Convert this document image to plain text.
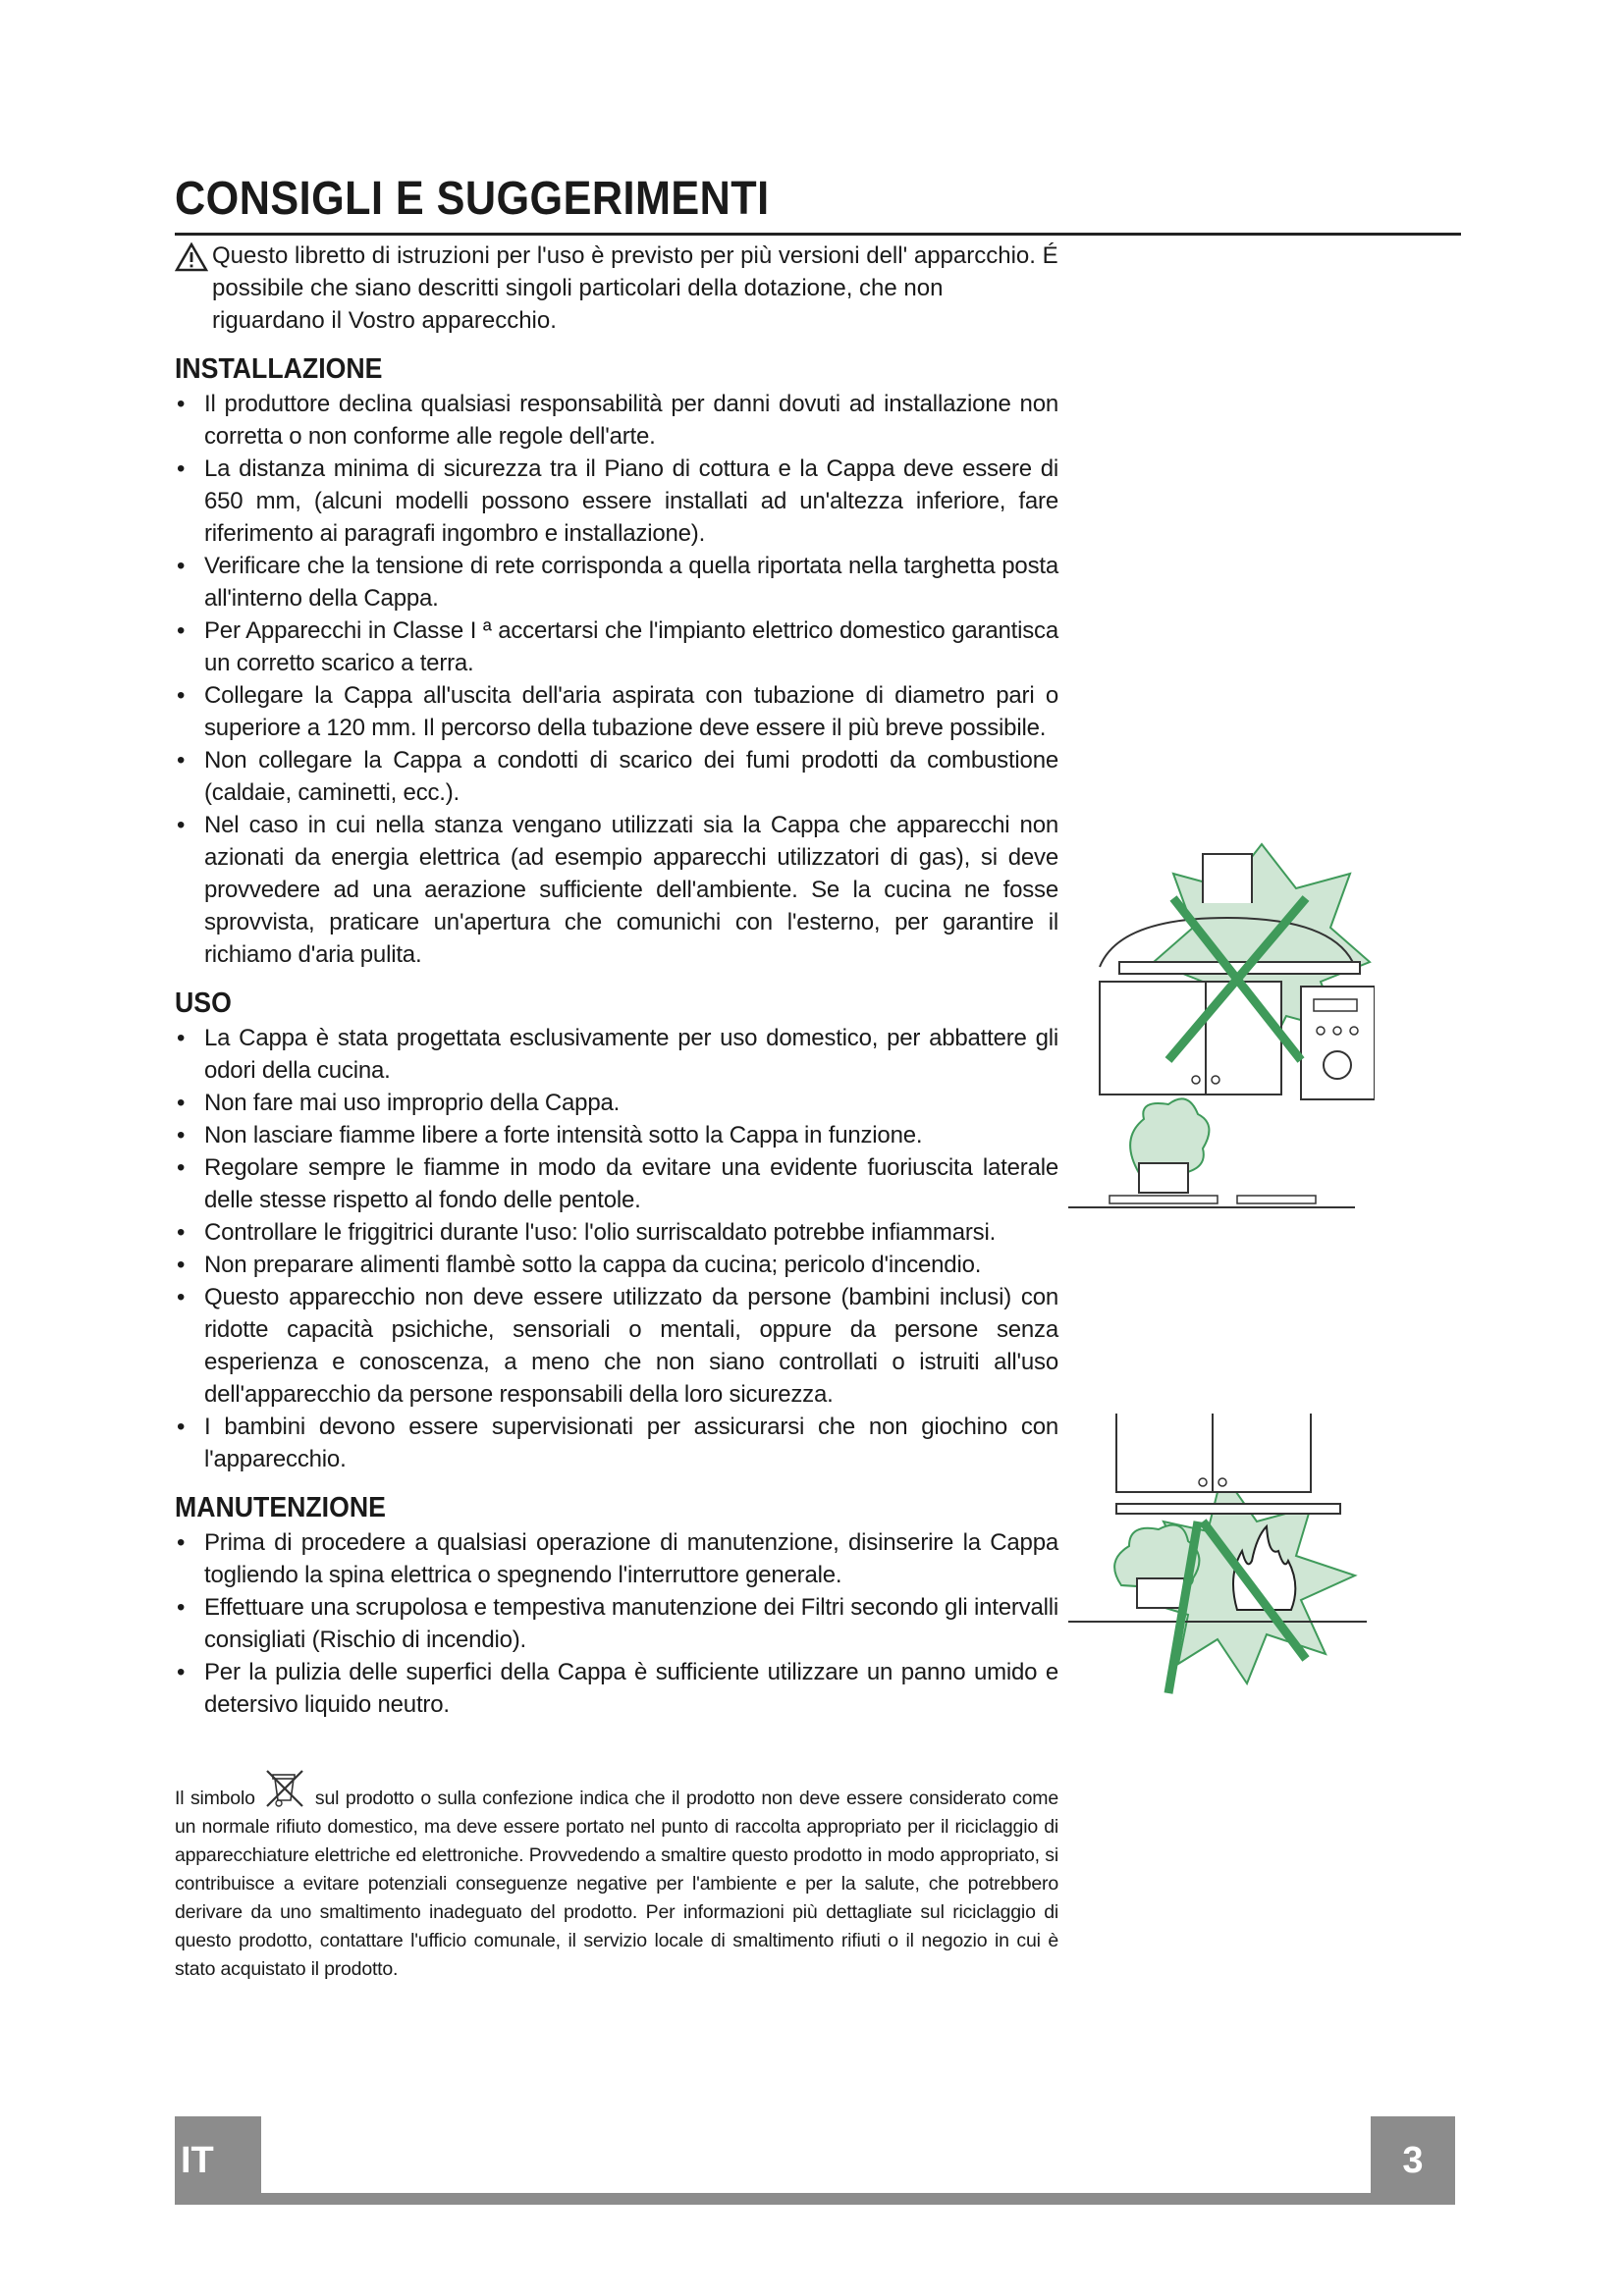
CONSIGLI E SUGGERIMENTI

Questo libretto di istruzioni per l'uso è previsto per più versioni dell' apparcchio. É possibile che siano descritti singoli particolari della dotazione, che non riguardano il Vostro apparecchio.

INSTALLAZIONE
• Il produttore declina qualsiasi responsabilità per danni dovuti ad installazione non corretta o non conforme alle regole dell'arte.
• La distanza minima di sicurezza tra il Piano di cottura e la Cappa deve essere di 650 mm, (alcuni modelli possono essere installati ad un'altezza inferiore, fare riferimento ai paragrafi ingombro e installazione).
• Verificare che la tensione di rete corrisponda a quella riportata nella targhetta posta all'interno della Cappa.
• Per Apparecchi in Classe I ª accertarsi che l'impianto elettrico domestico garantisca un corretto scarico a terra.
• Collegare la Cappa all'uscita dell'aria aspirata con tubazione di diametro pari o superiore a 120 mm. Il percorso della tubazione deve essere il più breve possibile.
• Non collegare la Cappa a condotti di scarico dei fumi prodotti da combustione (caldaie, caminetti, ecc.).
• Nel caso in cui nella stanza vengano utilizzati sia la Cappa che apparecchi non azionati da energia elettrica (ad esempio apparecchi utilizzatori di gas), si deve provvedere ad una aerazione sufficiente dell'ambiente. Se la cucina ne fosse sprovvista, praticare un'apertura che comunichi con l'esterno, per garantire il richiamo d'aria pulita.
USO
• La Cappa è stata progettata esclusivamente per uso domestico, per abbattere gli odori della cucina.
• Non fare mai uso improprio della Cappa.
• Non lasciare fiamme libere a forte intensità sotto la Cappa in funzione.
• Regolare sempre le fiamme in modo da evitare una evidente fuoriuscita laterale delle stesse rispetto al fondo delle pentole.
• Controllare le friggitrici durante l'uso: l'olio surriscaldato potrebbe infiammarsi.
• Non preparare alimenti flambè sotto la cappa da cucina; pericolo d'incendio.
• Questo apparecchio non deve essere utilizzato da persone (bambini inclusi) con ridotte capacità psichiche, sensoriali o mentali, oppure da persone senza esperienza e conoscenza, a meno che non siano controllati o istruiti all'uso dell'apparecchio da persone responsabili della loro sicurezza.
• I bambini devono essere supervisionati per assicurarsi che non giochino con l'apparecchio.
MANUTENZIONE
• Prima di procedere a qualsiasi operazione di manutenzione, disinserire la Cappa togliendo la spina elettrica o spegnendo l'interruttore generale.
• Effettuare una scrupolosa e tempestiva manutenzione dei Filtri secondo gli intervalli consigliati (Rischio di incendio).
• Per la pulizia delle superfici della Cappa è sufficiente utilizzare un panno umido e detersivo liquido neutro.
Il simbolo	sul prodotto o sulla confezione indica che il prodotto non deve essere considerato come un normale rifiuto domestico, ma deve essere portato nel punto di raccolta appropriato per il riciclaggio di apparecchiature elettriche ed elettroniche. Provvedendo a smaltire questo prodotto in modo appropriato, si contribuisce a evitare potenziali conseguenze negative per l'ambiente e per la salute, che potrebbero derivare da uno smaltimento inadeguato del prodotto. Per informazioni più dettagliate sul riciclaggio di questo prodotto, contattare l'ufficio comunale, il servizio locale di smaltimento rifiuti o il negozio in cui è stato acquistato il prodotto.
IT	3
